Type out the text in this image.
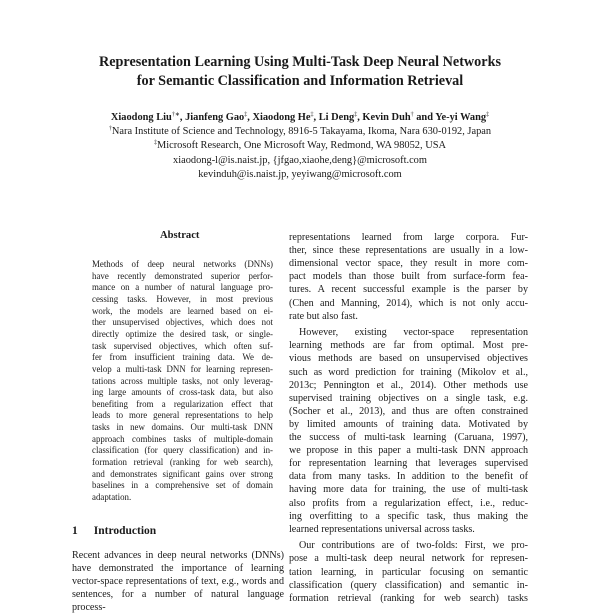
Representation Learning Using Multi-Task Deep Neural Networks
for Semantic Classification and Information Retrieval
Xiaodong Liu†∗, Jianfeng Gao‡, Xiaodong He‡, Li Deng‡, Kevin Duh† and Ye-yi Wang‡
†Nara Institute of Science and Technology, 8916-5 Takayama, Ikoma, Nara 630-0192, Japan
‡Microsoft Research, One Microsoft Way, Redmond, WA 98052, USA
xiaodong-l@is.naist.jp, {jfgao,xiaohe,deng}@microsoft.com
kevinduh@is.naist.jp, yeyiwang@microsoft.com
Abstract
Methods of deep neural networks (DNNs)
have recently demonstrated superior perfor-
mance on a number of natural language pro-
cessing tasks. However, in most previous
work, the models are learned based on ei-
ther unsupervised objectives, which does not
directly optimize the desired task, or single-
task supervised objectives, which often suf-
fer from insufficient training data. We de-
velop a multi-task DNN for learning represen-
tations across multiple tasks, not only leverag-
ing large amounts of cross-task data, but also
benefiting from a regularization effect that
leads to more general representations to help
tasks in new domains. Our multi-task DNN
approach combines tasks of multiple-domain
classification (for query classification) and in-
formation retrieval (ranking for web search),
and demonstrates significant gains over strong
baselines in a comprehensive set of domain
adaptation.
1 Introduction
Recent advances in deep neural networks (DNNs)
have demonstrated the importance of learning
vector-space representations of text, e.g., words and
sentences, for a number of natural language process-
representations learned from large corpora. Fur-
ther, since these representations are usually in a low-
dimensional vector space, they result in more com-
pact models than those built from surface-form fea-
tures. A recent successful example is the parser by
(Chen and Manning, 2014), which is not only accu-
rate but also fast.
However, existing vector-space representation
learning methods are far from optimal. Most pre-
vious methods are based on unsupervised objectives
such as word prediction for training (Mikolov et al.,
2013c; Pennington et al., 2014). Other methods use
supervised training objectives on a single task, e.g.
(Socher et al., 2013), and thus are often constrained
by limited amounts of training data. Motivated by
the success of multi-task learning (Caruana, 1997),
we propose in this paper a multi-task DNN approach
for representation learning that leverages supervised
data from many tasks. In addition to the benefit of
having more data for training, the use of multi-task
also profits from a regularization effect, i.e., reduc-
ing overfitting to a specific task, thus making the
learned representations universal across tasks.
Our contributions are of two-folds: First, we pro-
pose a multi-task deep neural network for represen-
tation learning, in particular focusing on semantic
classification (query classification) and semantic in-
formation retrieval (ranking for web search) tasks
